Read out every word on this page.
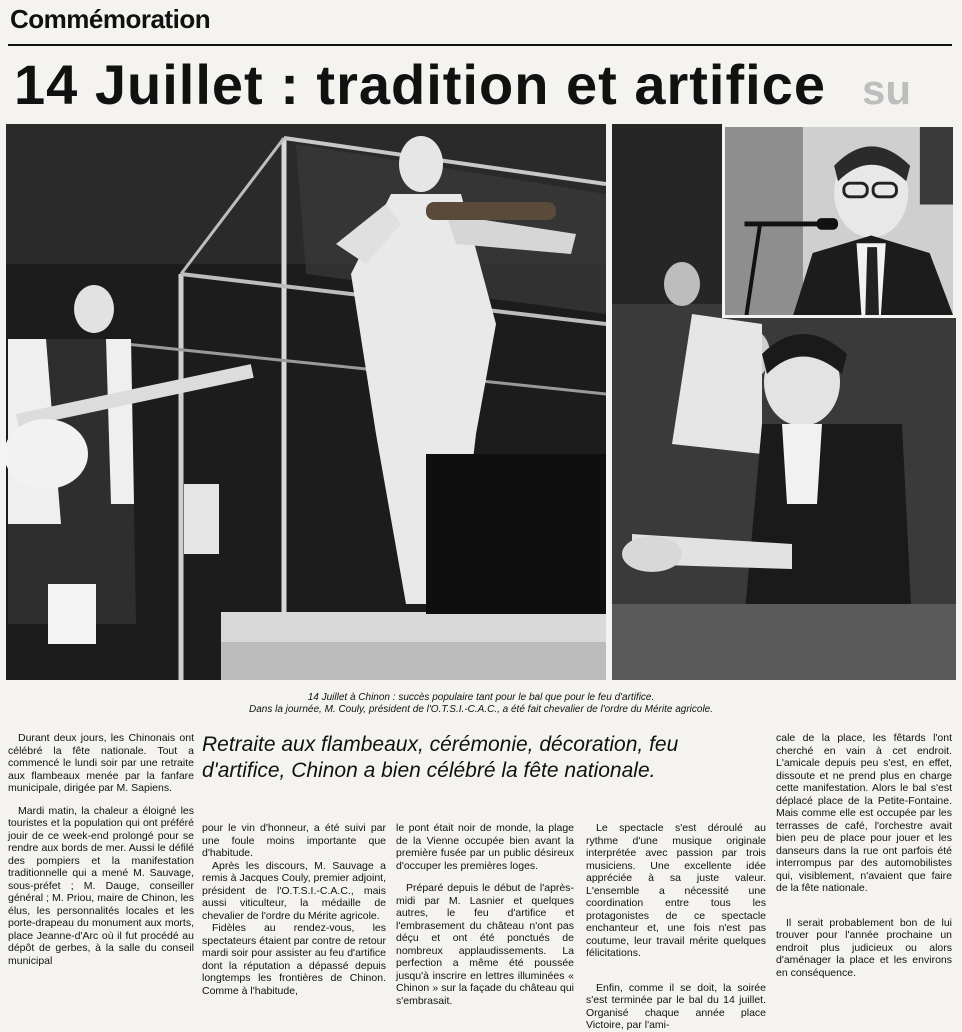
Commémoration
14 Juillet : tradition et artifice su
14 Juillet à Chinon : succès populaire tant pour le bal que pour le feu d'artifice.
Dans la journée, M. Couly, président de l'O.T.S.I.-C.A.C., a été fait chevalier de l'ordre du Mérite agricole.
Retraite aux flambeaux, cérémonie, décoration, feu d'artifice, Chinon a bien célébré la fête nationale.

Durant deux jours, les Chinonais ont célébré la fête nationale. Tout a commencé le lundi soir par une retraite aux flambeaux menée par la fanfare municipale, dirigée par M. Sapiens.

Mardi matin, la chaleur a éloigné les touristes et la population qui ont préféré jouir de ce week-end prolongé pour se rendre aux bords de mer. Aussi le défilé des pompiers et la manifestation traditionnelle qui a mené M. Sauvage, sous-préfet ; M. Dauge, conseiller général ; M. Priou, maire de Chinon, les élus, les personnalités locales et les porte-drapeau du monument aux morts, place Jeanne-d'Arc où il fut procédé au dépôt de gerbes, à la salle du conseil municipal

pour le vin d'honneur, a été suivi par une foule moins importante que d'habitude.

Après les discours, M. Sauvage a remis à Jacques Couly, premier adjoint, président de l'O.T.S.I.-C.A.C., mais aussi viticulteur, la médaille de chevalier de l'ordre du Mérite agricole.

Fidèles au rendez-vous, les spectateurs étaient par contre de retour mardi soir pour assister au feu d'artifice dont la réputation a dépassé depuis longtemps les frontières de Chinon. Comme à l'habitude,

le pont était noir de monde, la plage de la Vienne occupée bien avant la première fusée par un public désireux d'occuper les premières loges.

Préparé depuis le début de l'après-midi par M. Lasnier et quelques autres, le feu d'artifice et l'embrasement du château n'ont pas déçu et ont été ponctués de nombreux applaudissements. La perfection a même été poussée jusqu'à inscrire en lettres illuminées « Chinon » sur la façade du château qui s'embrasait.

Le spectacle s'est déroulé au rythme d'une musique originale interprétée avec passion par trois musiciens. Une excellente idée appréciée à sa juste valeur. L'ensemble a nécessité une coordination entre tous les protagonistes de ce spectacle enchanteur et, une fois n'est pas coutume, leur travail mérite quelques félicitations.

Enfin, comme il se doit, la soirée s'est terminée par le bal du 14 juillet. Organisé chaque année place Victoire, par l'ami-

cale de la place, les fêtards l'ont cherché en vain à cet endroit. L'amicale depuis peu s'est, en effet, dissoute et ne prend plus en charge cette manifestation. Alors le bal s'est déplacé place de la Petite-Fontaine. Mais comme elle est occupée par les terrasses de café, l'orchestre avait bien peu de place pour jouer et les danseurs dans la rue ont parfois été interrompus par des automobilistes qui, visiblement, n'avaient que faire de la fête nationale.

Il serait probablement bon de lui trouver pour l'année prochaine un endroit plus judicieux ou alors d'aménager la place et les environs en conséquence.
